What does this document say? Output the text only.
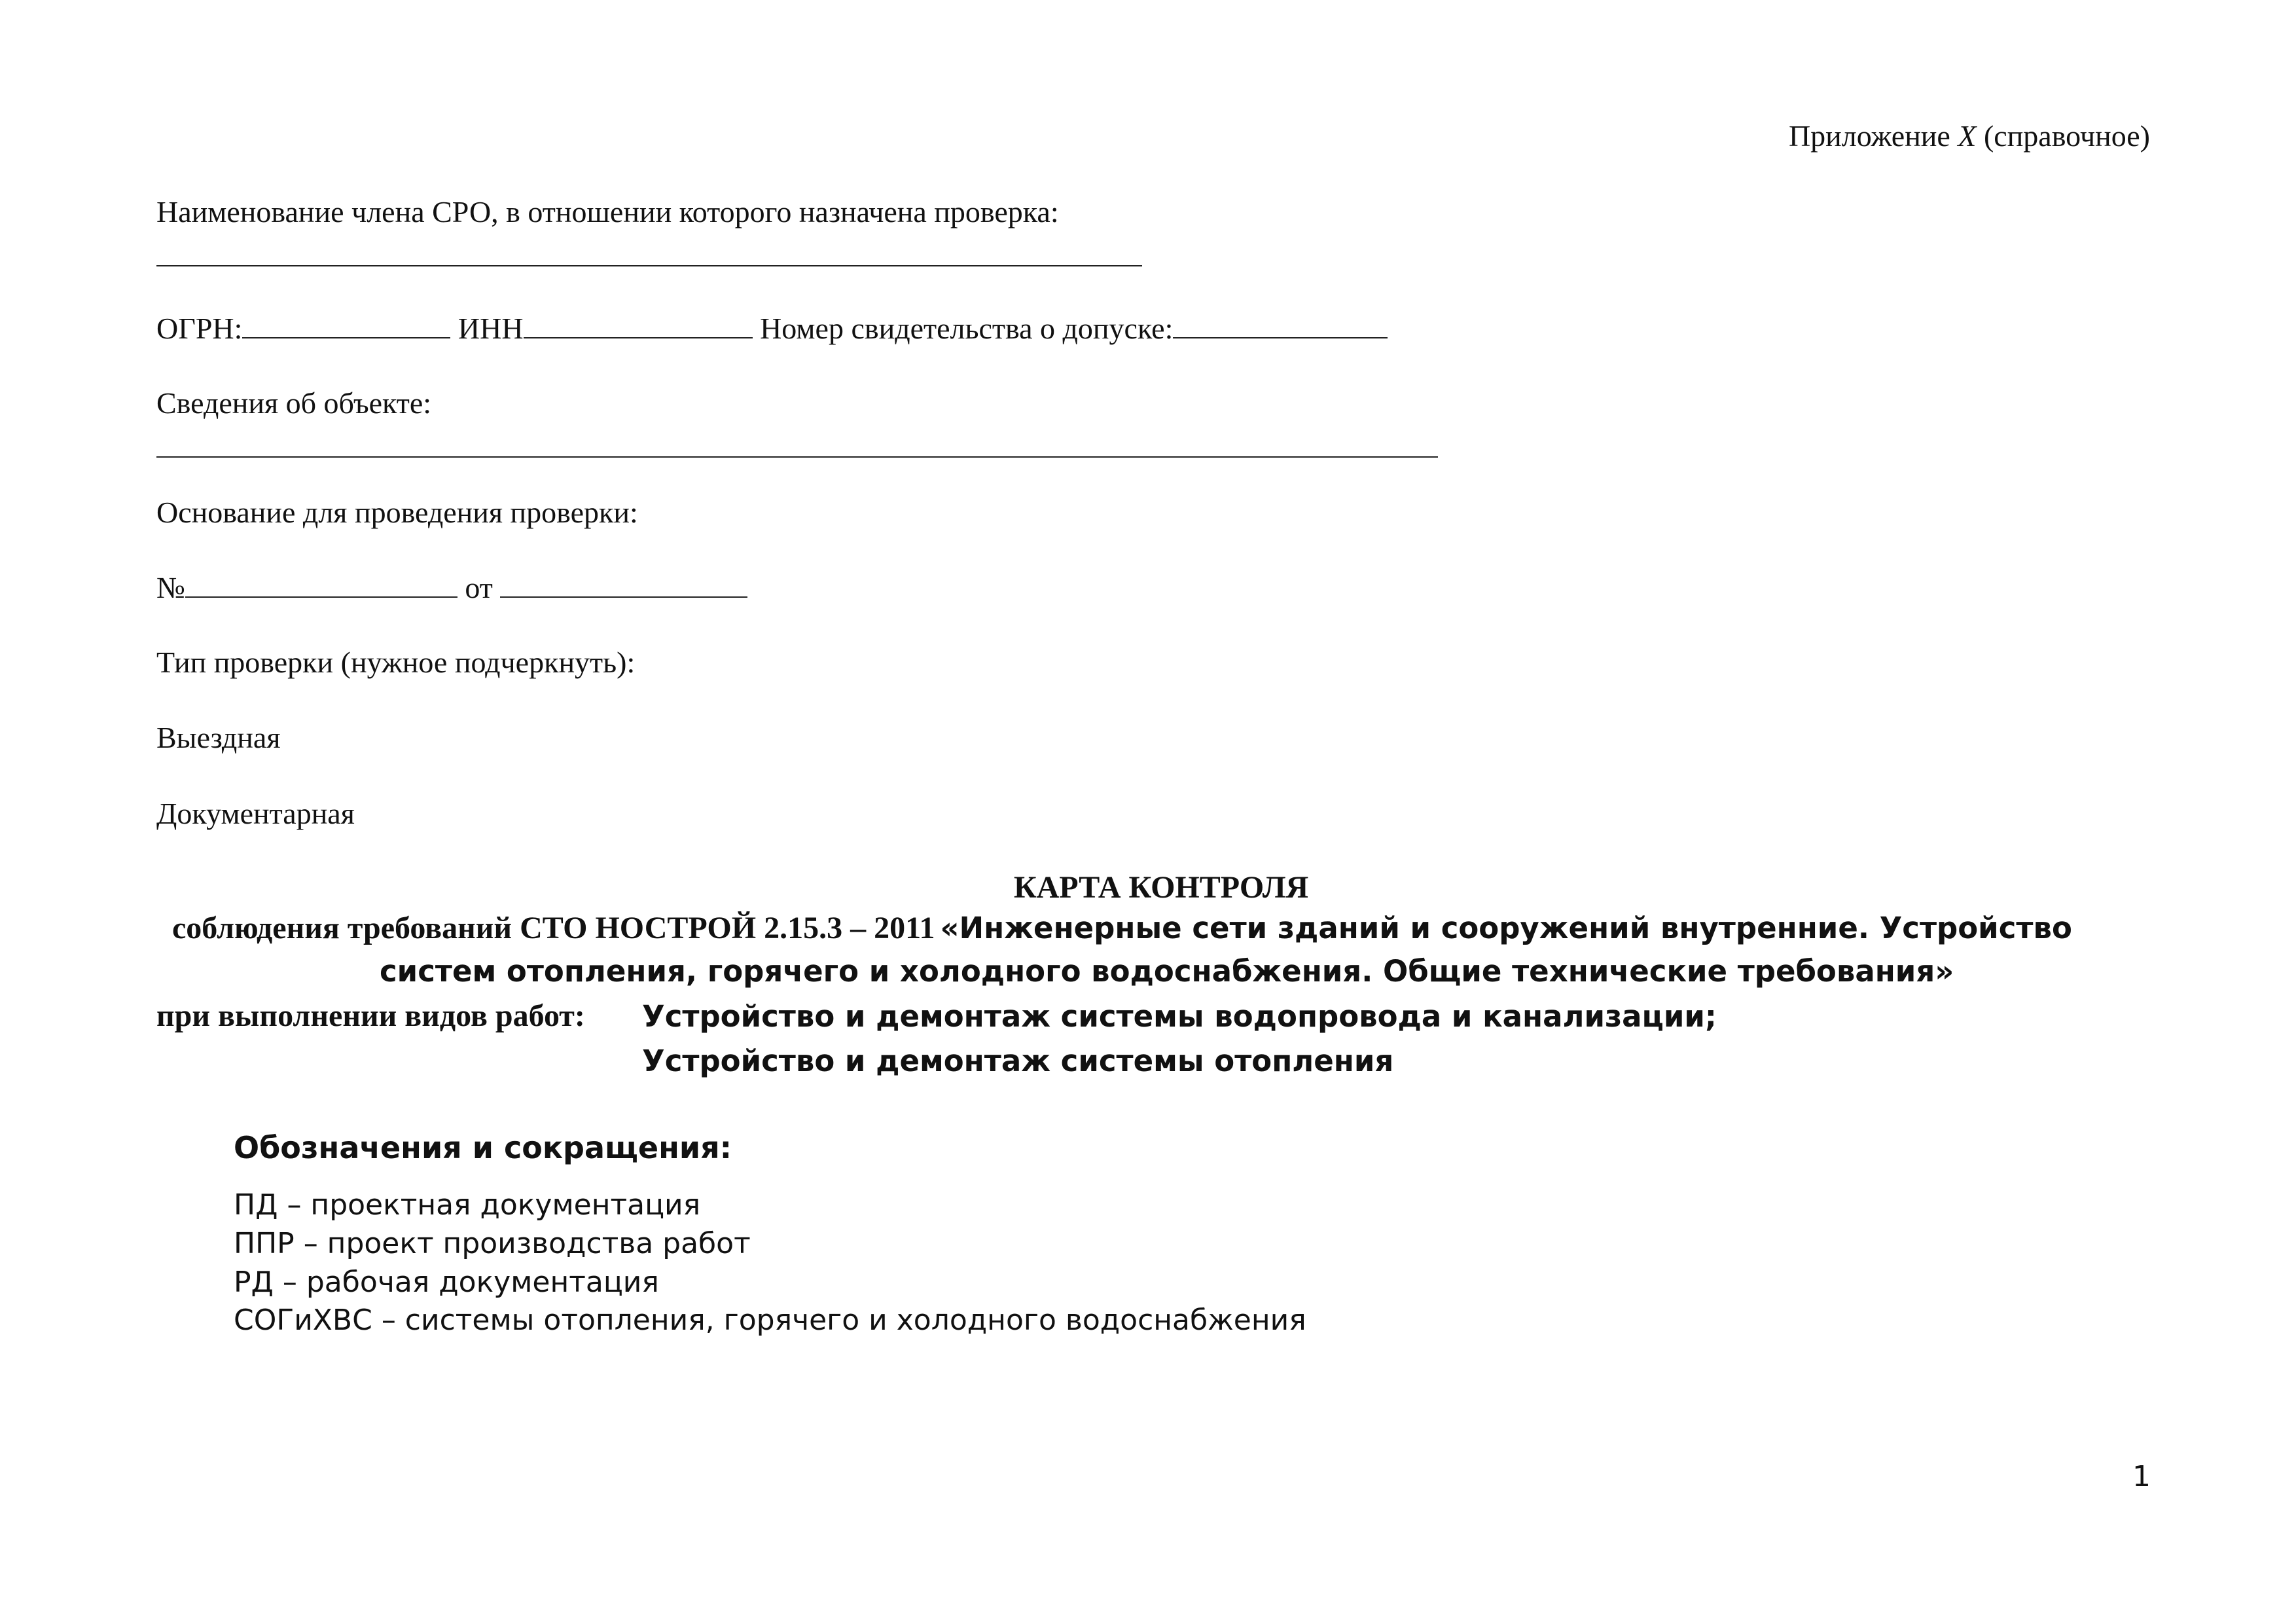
Приложение X (справочное)
Наименование члена СРО, в отношении которого назначена проверка:
ОГРН:	ИНН	Номер свидетельства о допуске:
Сведения об объекте:
Основание для проведения проверки:
№	от
Тип проверки (нужное подчеркнуть):
Выездная
Документарная
КАРТА КОНТРОЛЯ
соблюдения требований СТО НОСТРОЙ 2.15.3 – 2011 «Инженерные сети зданий и сооружений внутренние. Устройство
систем отопления, горячего и холодного водоснабжения. Общие технические требования»
при выполнении видов работ: Устройство и демонтаж системы водопровода и канализации;
Устройство и демонтаж системы отопления
Обозначения и сокращения:
ПД – проектная документация
ППР – проект производства работ
РД – рабочая документация
СОГиХВС – системы отопления, горячего и холодного водоснабжения
1
